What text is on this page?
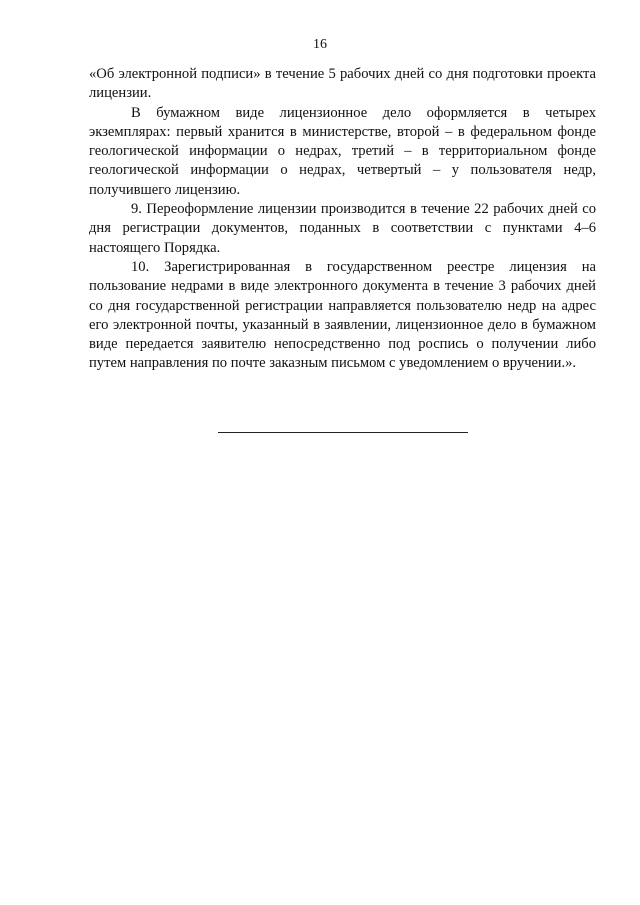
16

«Об электронной подписи» в течение 5 рабочих дней со дня подготовки проекта лицензии.

В бумажном виде лицензионное дело оформляется в четырех экземплярах: первый хранится в министерстве, второй – в федеральном фонде геологической информации о недрах, третий – в территориальном фонде геологической информации о недрах, четвертый – у пользователя недр, получившего лицензию.

9. Переоформление лицензии производится в течение 22 рабочих дней со дня регистрации документов, поданных в соответствии с пунктами 4–6 настоящего Порядка.

10. Зарегистрированная в государственном реестре лицензия на пользование недрами в виде электронного документа в течение 3 рабочих дней со дня государственной регистрации направляется пользователю недр на адрес его электронной почты, указанный в заявлении, лицензионное дело в бумажном виде передается заявителю непосредственно под роспись о получении либо путем направления по почте заказным письмом с уведомлением о вручении.».
